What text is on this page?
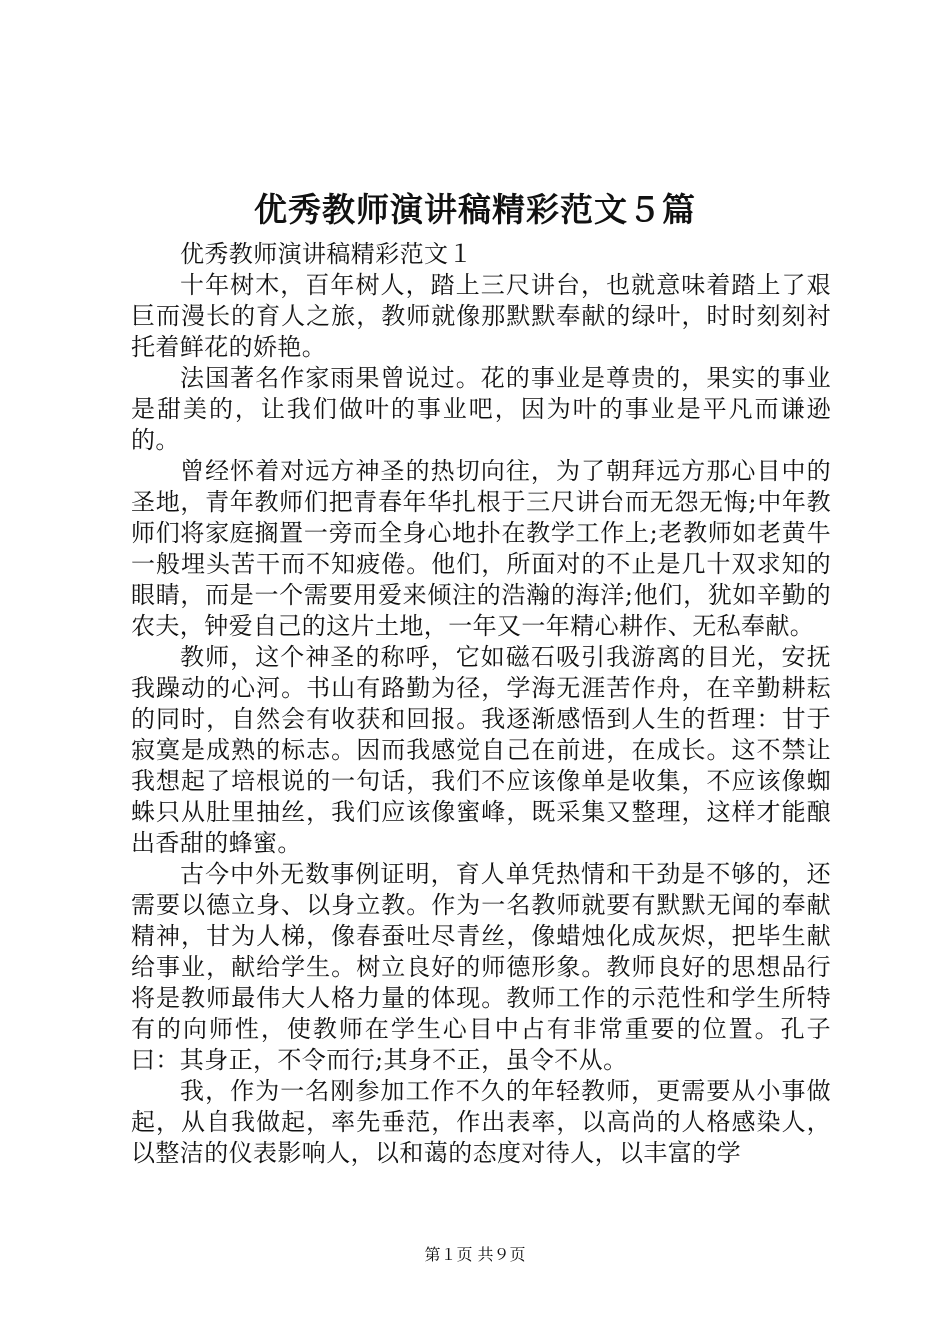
优秀教师演讲稿精彩范文５篇

优秀教师演讲稿精彩范文１

十年树木，百年树人，踏上三尺讲台，也就意味着踏上了艰巨而漫长的育人之旅，教师就像那默默奉献的绿叶，时时刻刻衬托着鲜花的娇艳。

法国著名作家雨果曾说过。花的事业是尊贵的，果实的事业是甜美的，让我们做叶的事业吧，因为叶的事业是平凡而谦逊的。

曾经怀着对远方神圣的热切向往，为了朝拜远方那心目中的圣地，青年教师们把青春年华扎根于三尺讲台而无怨无悔;中年教师们将家庭搁置一旁而全身心地扑在教学工作上;老教师如老黄牛一般埋头苦干而不知疲倦。他们，所面对的不止是几十双求知的眼睛，而是一个需要用爱来倾注的浩瀚的海洋;他们，犹如辛勤的农夫，钟爱自己的这片土地，一年又一年精心耕作、无私奉献。

教师，这个神圣的称呼，它如磁石吸引我游离的目光，安抚我躁动的心河。书山有路勤为径，学海无涯苦作舟，在辛勤耕耘的同时，自然会有收获和回报。我逐渐感悟到人生的哲理：甘于寂寞是成熟的标志。因而我感觉自己在前进，在成长。这不禁让我想起了培根说的一句话，我们不应该像单是收集，不应该像蜘蛛只从肚里抽丝，我们应该像蜜峰，既采集又整理，这样才能酿出香甜的蜂蜜。

古今中外无数事例证明，育人单凭热情和干劲是不够的，还需要以德立身、以身立教。作为一名教师就要有默默无闻的奉献精神，甘为人梯，像春蚕吐尽青丝，像蜡烛化成灰烬，把毕生献给事业，献给学生。树立良好的师德形象。教师良好的思想品行将是教师最伟大人格力量的体现。教师工作的示范性和学生所特有的向师性，使教师在学生心目中占有非常重要的位置。孔子曰：其身正，不令而行;其身不正，虽令不从。

我，作为一名刚参加工作不久的年轻教师，更需要从小事做起，从自我做起，率先垂范，作出表率，以高尚的人格感染人，以整洁的仪表影响人，以和蔼的态度对待人，以丰富的学

第１页 共９页
